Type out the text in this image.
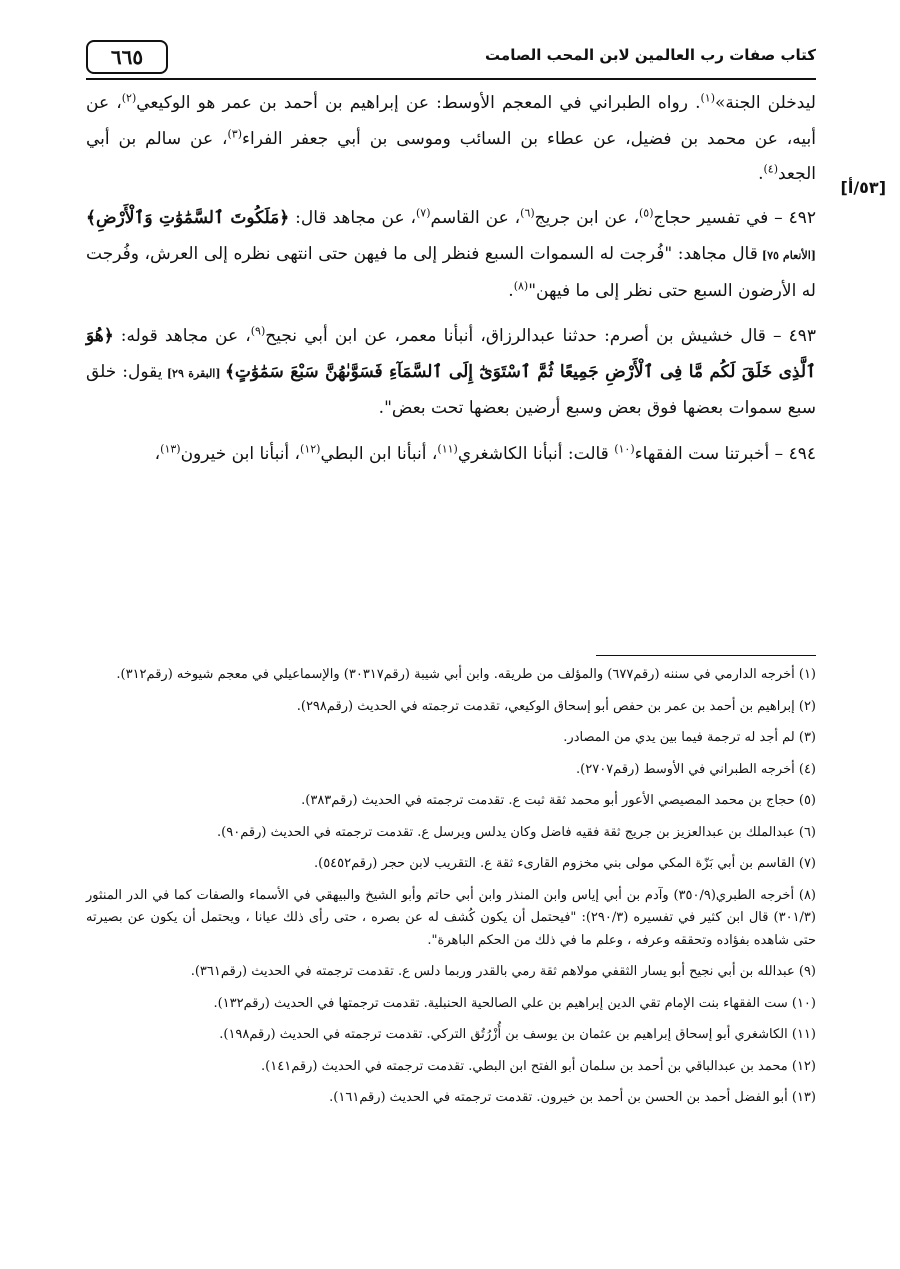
٦٦٥	كتاب صفات رب العالمين لابن المحب الصامت
[٥٣/أ]

ليدخلن الجنة»$^{(١)}$. رواه الطبراني في المعجم الأوسط: عن إبراهيم بن أحمد بن عمر هو الوكيعي$^{(٢)}$، عن أبيه، عن محمد بن فضيل، عن عطاء بن السائب وموسى بن أبي جعفر الفراء$^{(٣)}$، عن سالم بن أبي الجعد$^{(٤)}$.

٤٩٢ – في تفسير حجاج$^{(٥)}$، عن ابن جريج$^{(٦)}$، عن القاسم$^{(٧)}$، عن مجاهد قال: ﴿مَلَكُوتَ ٱلسَّمَٰوَٰتِ وَٱلْأَرْضِ﴾ [الأنعام ٧٥] قال مجاهد: "فُرجت له السموات السبع فنظر إلى ما فيهن حتى انتهى نظره إلى العرش، وفُرجت له الأرضون السبع حتى نظر إلى ما فيهن"$^{(٨)}$.

٤٩٣ – قال خشيش بن أصرم: حدثنا عبدالرزاق، أنبأنا معمر، عن ابن أبي نجيح$^{(٩)}$، عن مجاهد قوله: ﴿هُوَ ٱلَّذِى خَلَقَ لَكُم مَّا فِى ٱلْأَرْضِ جَمِيعًا ثُمَّ ٱسْتَوَىٰٓ إِلَى ٱلسَّمَآءِ فَسَوَّىٰهُنَّ سَبْعَ سَمَٰوَٰتٍ﴾ [البقرة ٢٩] يقول: خلق سبع سموات بعضها فوق بعض وسبع أرضين بعضها تحت بعض".

٤٩٤ – أخبرتنا ست الفقهاء$^{(١٠)}$ قالت: أنبأنا الكاشغري$^{(١١)}$، أنبأنا ابن البطي$^{(١٢)}$، أنبأنا ابن خيرون$^{(١٣)}$،

(١) أخرجه الدارمي في سننه (رقم٦٧٧) والمؤلف من طريقه. وابن أبي شيبة (رقم٣٠٣١٧) والإسماعيلي في معجم شيوخه (رقم٣١٢).
(٢) إبراهيم بن أحمد بن عمر بن حفص أبو إسحاق الوكيعي، تقدمت ترجمته في الحديث (رقم٢٩٨).
(٣) لم أجد له ترجمة فيما بين يدي من المصادر.
(٤) أخرجه الطبراني في الأوسط (رقم٢٧٠٧).
(٥) حجاج بن محمد المصيصي الأعور أبو محمد ثقة ثبت ع. تقدمت ترجمته في الحديث (رقم٣٨٣).
(٦) عبدالملك بن عبدالعزيز بن جريج ثقة فقيه فاضل وكان يدلس ويرسل ع. تقدمت ترجمته في الحديث (رقم٩٠).
(٧) القاسم بن أبي بَزّة المكي مولى بني مخزوم القارىء ثقة ع. التقريب لابن حجر (رقم٥٤٥٢).
(٨) أخرجه الطبري(٣٥٠/٩) وآدم بن أبي إياس وابن المنذر وابن أبي حاتم وأبو الشيخ والبيهقي في الأسماء والصفات كما في الدر المنثور (٣٠١/٣) قال ابن كثير في تفسيره (٢٩٠/٣): "فيحتمل أن يكون كُشف له عن بصره ، حتى رأى ذلك عيانا ، ويحتمل أن يكون عن بصيرته حتى شاهده بفؤاده وتحققه وعرفه ، وعلم ما في ذلك من الحكم الباهرة".
(٩) عبدالله بن أبي نجيح أبو يسار الثقفي مولاهم ثقة رمي بالقدر وربما دلس ع. تقدمت ترجمته في الحديث (رقم٣٦١).
(١٠) ست الفقهاء بنت الإمام تقي الدين إبراهيم بن علي الصالحية الحنبلية. تقدمت ترجمتها في الحديث (رقم١٣٢).
(١١) الكاشغري أبو إسحاق إبراهيم بن عثمان بن يوسف بن أُزْرُتُق التركي. تقدمت ترجمته في الحديث (رقم١٩٨).
(١٢) محمد بن عبدالباقي بن أحمد بن سلمان أبو الفتح ابن البطي. تقدمت ترجمته في الحديث (رقم١٤١).
(١٣) أبو الفضل أحمد بن الحسن بن أحمد بن خيرون. تقدمت ترجمته في الحديث (رقم١٦١).
